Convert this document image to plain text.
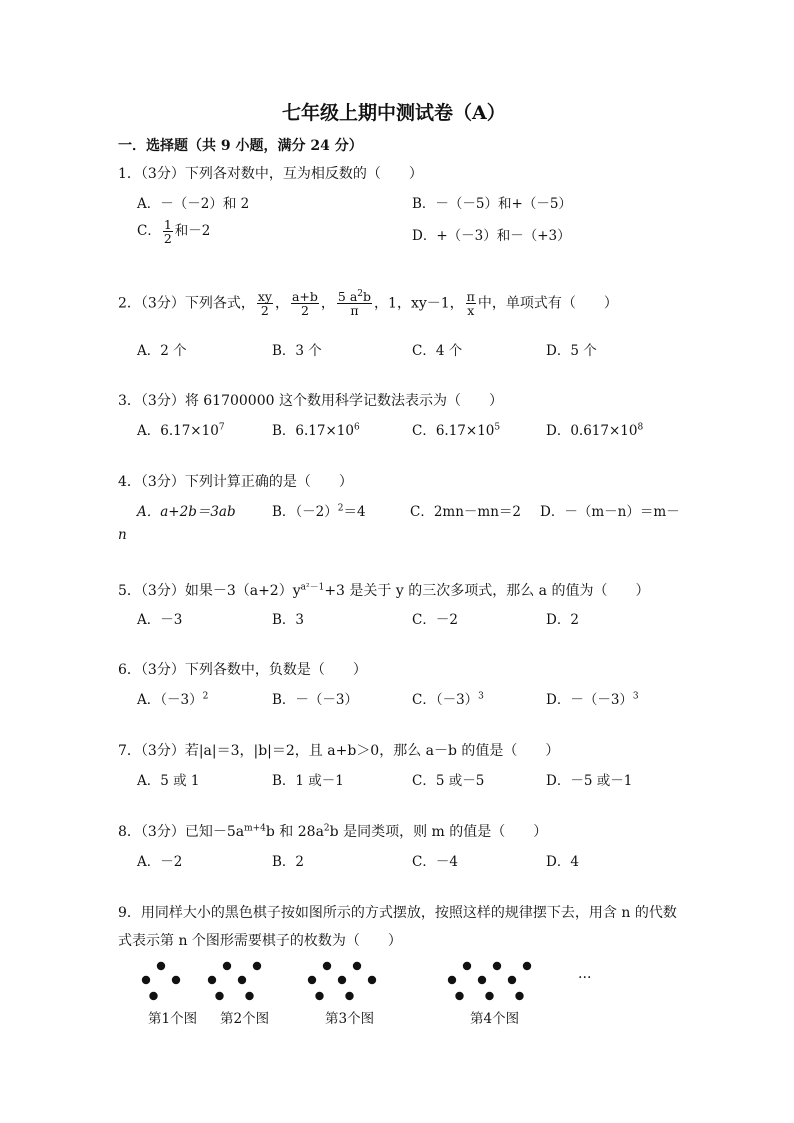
七年级上期中测试卷（A）
一．选择题（共 9 小题，满分 24 分）
1．（3分）下列各对数中，互为相反数的（　　）
A．－（－2）和 2	B．－（－5）和+（－5）
C． $\frac{1}{2}$ 和－2	D．+（－3）和－（+3）
2．（3分）下列各式， $\frac{xy}{2}$ ， $\frac{a+b}{2}$ ， $\frac{5 a^2b}{\pi}$ ，1，xy－1， $\frac{\pi}{x}$ 中，单项式有（　　）
A．2 个	B．3 个	C．4 个	D．5 个
3．（3分）将 61700000 这个数用科学记数法表示为（　　）
A．$6.17\times 10^7$	B．$6.17\times 10^6$	C．$6.17\times 10^5$	D．$0.617\times 10^8$
4．（3分）下列计算正确的是（　　）
A．a+2b＝3ab	B．$(-2)^2=4$	C．2mn－mn＝2 D．－（m－n）＝m－
n
5．（3分）如果$-3(a+2)y^{a^2-1}+3$ 是关于 y 的三次多项式，那么 a 的值为（　　）
A．－3	B．3	C．－2	D．2
6．（3分）下列各数中，负数是（　　）
A．$(-3)^2$	B．－（－3）	C．$(-3)^3$	D．$-(-3)^3$
7．（3分）若|a|＝3，|b|＝2，且 a+b＞0，那么 a－b 的值是（　　）
A．5 或 1	B．1 或－1	C．5 或－5	D．－5 或－1
8．（3分）已知$-5a^{m+4}b$ 和 $28a^2b$ 是同类项，则 m 的值是（　　）
A．－2	B．2	C．－4	D．4
9．用同样大小的黑色棋子按如图所示的方式摆放，按照这样的规律摆下去，用含 n 的代数
式表示第 n 个图形需要棋子的枚数为（　　）
…
第1个图 第2个图	第3个图	第4个图
